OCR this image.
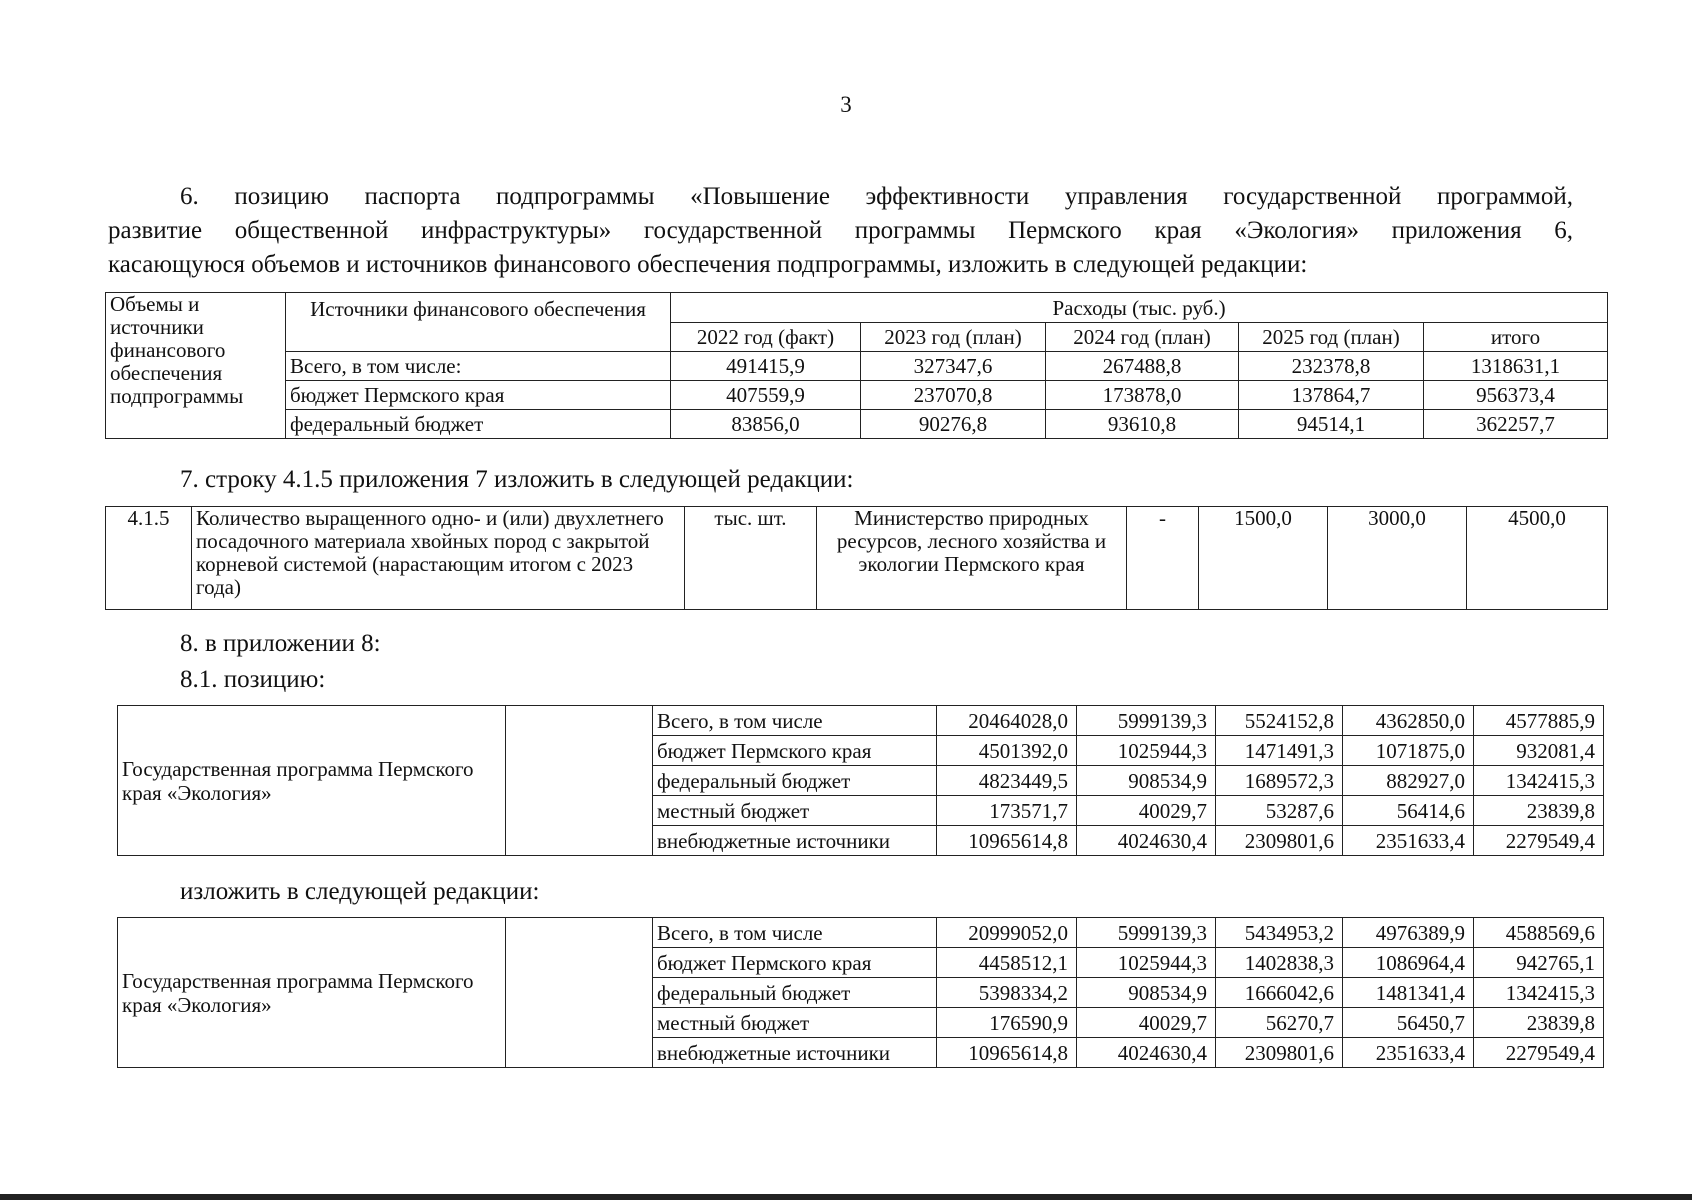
3
6. позицию паспорта подпрограммы «Повышение эффективности управления государственной программой,
развитие общественной инфраструктуры» государственной программы Пермского края «Экология» приложения 6,
касающуюся объемов и источников финансового обеспечения подпрограммы, изложить в следующей редакции:
Объемы и источники финансового обеспечения подпрограммы	Источники финансового обеспечения	Расходы (тыс. руб.)				
		2022 год (факт)	2023 год (план)	2024 год (план)	2025 год (план)	итого
	Всего, в том числе:	491415,9	327347,6	267488,8	232378,8	1318631,1
	бюджет Пермского края	407559,9	237070,8	173878,0	137864,7	956373,4
	федеральный бюджет	83856,0	90276,8	93610,8	94514,1	362257,7
7. строку 4.1.5 приложения 7 изложить в следующей редакции:
4.1.5	Количество выращенного одно- и (или) двухлетнего посадочного материала хвойных пород с закрытой корневой системой (нарастающим итогом с 2023 года)	тыс. шт.	Министерство природных ресурсов, лесного хозяйства и экологии Пермского края	-	1500,0	3000,0	4500,0
8. в приложении 8:
8.1. позицию:
Государственная программа Пермского края «Экология»		Всего, в том числе	20464028,0	5999139,3	5524152,8	4362850,0	4577885,9
		бюджет Пермского края	4501392,0	1025944,3	1471491,3	1071875,0	932081,4
		федеральный бюджет	4823449,5	908534,9	1689572,3	882927,0	1342415,3
		местный бюджет	173571,7	40029,7	53287,6	56414,6	23839,8
		внебюджетные источники	10965614,8	4024630,4	2309801,6	2351633,4	2279549,4
изложить в следующей редакции:
Государственная программа Пермского края «Экология»		Всего, в том числе	20999052,0	5999139,3	5434953,2	4976389,9	4588569,6
		бюджет Пермского края	4458512,1	1025944,3	1402838,3	1086964,4	942765,1
		федеральный бюджет	5398334,2	908534,9	1666042,6	1481341,4	1342415,3
		местный бюджет	176590,9	40029,7	56270,7	56450,7	23839,8
		внебюджетные источники	10965614,8	4024630,4	2309801,6	2351633,4	2279549,4
